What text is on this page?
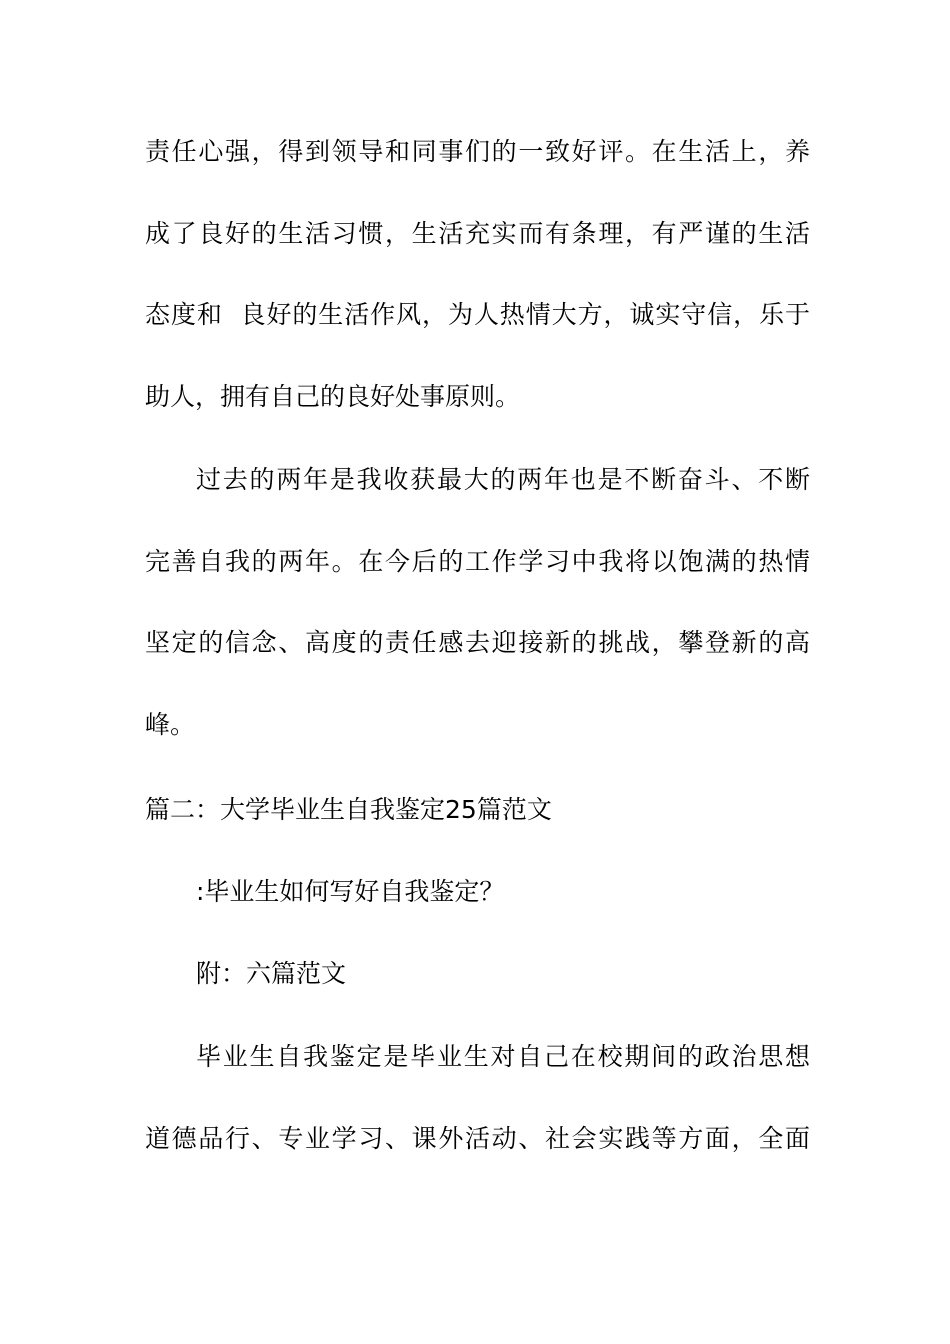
责任心强，得到领导和同事们的一致好评。在生活上，养
成了良好的生活习惯，生活充实而有条理，有严谨的生活
态度和  良好的生活作风，为人热情大方，诚实守信，乐于
助人，拥有自己的良好处事原则。
过去的两年是我收获最大的两年也是不断奋斗、不断
完善自我的两年。在今后的工作学习中我将以饱满的热情
坚定的信念、高度的责任感去迎接新的挑战，攀登新的高
峰。
篇二：大学毕业生自我鉴定25篇范文
:毕业生如何写好自我鉴定？
附：六篇范文
毕业生自我鉴定是毕业生对自己在校期间的政治思想
道德品行、专业学习、课外活动、社会实践等方面，全面
